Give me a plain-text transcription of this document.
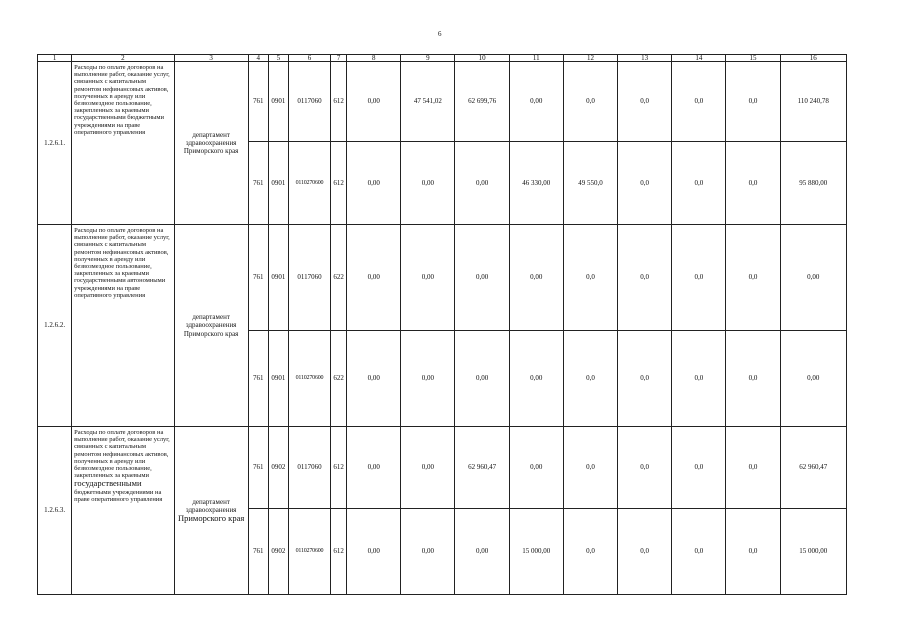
6
1	2	3	4	5	6	7	8	9	10	11	12	13	14	15	16
1.2.6.1.	Расходы по оплате договоров на выполнение работ, оказание услуг, связанных с капитальным ремонтом нефинансовых активов, полученных в аренду или безвозмездное пользование, закрепленных за краевыми государственными бюджетными учреждениями на праве оперативного управления	департамент здравоохранения Приморского края	761	0901	0117060	612	0,00	47 541,02	62 699,76	0,00	0,0	0,0	0,0	0,0	110 240,78
			761	0901	0110270600	612	0,00	0,00	0,00	46 330,00	49 550,0	0,0	0,0	0,0	95 880,00
1.2.6.2.	Расходы по оплате договоров на выполнение работ, оказание услуг, связанных с капитальным ремонтом нефинансовых активов, полученных в аренду или безвозмездное пользование, закрепленных за краевыми государственными автономными учреждениями на праве оперативного управления	департамент здравоохранения Приморского края	761	0901	0117060	622	0,00	0,00	0,00	0,00	0,0	0,0	0,0	0,0	0,00
			761	0901	0110270600	622	0,00	0,00	0,00	0,00	0,0	0,0	0,0	0,0	0,00
1.2.6.3.	Расходы по оплате договоров на выполнение работ, оказание услуг, связанных с капитальным ремонтом нефинансовых активов, полученных в аренду или безвозмездное пользование, закрепленных за краевыми
государственными
бюджетными учреждениями на праве оперативного управления	департамент здравоохранения
Приморского края	761	0902	0117060	612	0,00	0,00	62 960,47	0,00	0,0	0,0	0,0	0,0	62 960,47
			761	0902	0110270600	612	0,00	0,00	0,00	15 000,00	0,0	0,0	0,0	0,0	15 000,00
